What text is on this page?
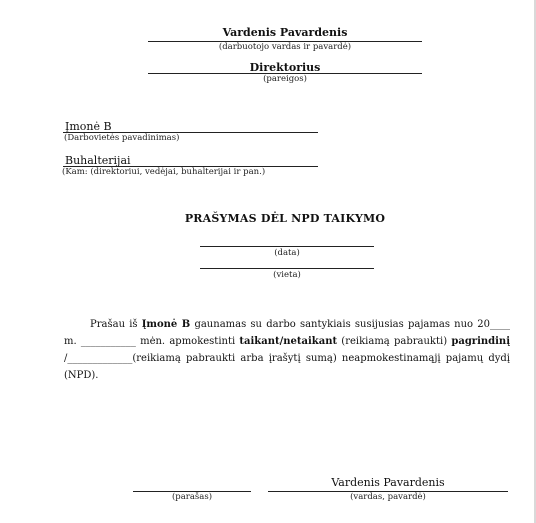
Vardenis Pavardenis
(darbuotojo vardas ir pavardė)
Direktorius
(pareigos)
Įmonė B
(Darbovietės pavadinimas)
Buhalterijai
(Kam: (direktoriui, vedėjai, buhalterijai ir pan.)
PRAŠYMAS DĖL NPD TAIKYMO
(data)
(vieta)
Prašau iš Įmonė B gaunamas su darbo santykiais susijusias pajamas nuo 20____ m. ___________ mėn. apmokestinti taikant/netaikant (reikiamą pabraukti) pagrindinį /_____________(reikiamą pabraukti arba įrašytį sumą) neapmokestinamąjį pajamų dydį (NPD).
(parašas)
Vardenis Pavardenis
(vardas, pavardė)
